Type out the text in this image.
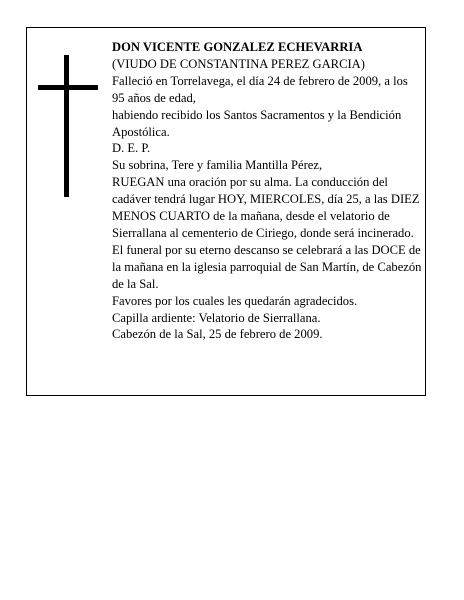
DON VICENTE GONZALEZ ECHEVARRIA

(VIUDO DE CONSTANTINA PEREZ GARCIA)

Falleció en Torrelavega, el día 24 de febrero de 2009, a los 95 años de edad,

habiendo recibido los Santos Sacramentos y la Bendición Apostólica.

D. E. P.

Su sobrina, Tere y familia Mantilla Pérez,

RUEGAN una oración por su alma. La conducción del cadáver tendrá lugar HOY, MIERCOLES, día 25, a las DIEZ MENOS CUARTO de la mañana, desde el velatorio de Sierrallana al cementerio de Ciriego, donde será incinerado. El funeral por su eterno descanso se celebrará a las DOCE de la mañana en la iglesia parroquial de San Martín, de Cabezón de la Sal.

Favores por los cuales les quedarán agradecidos.

Capilla ardiente: Velatorio de Sierrallana.

Cabezón de la Sal, 25 de febrero de 2009.
